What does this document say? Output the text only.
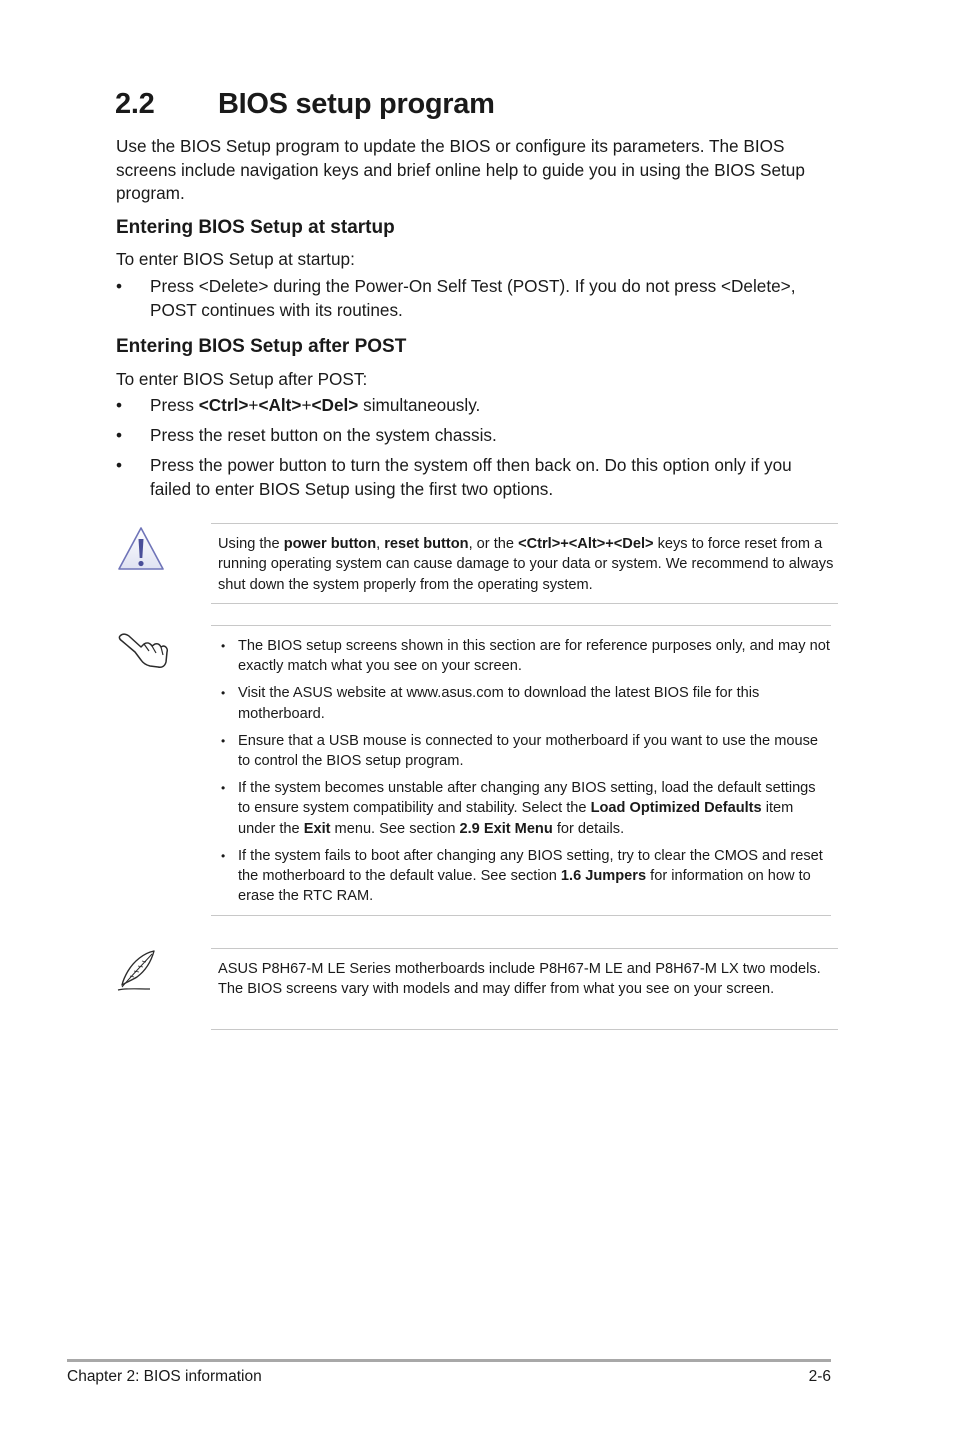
2.2 BIOS setup program
Use the BIOS Setup program to update the BIOS or configure its parameters. The BIOS screens include navigation keys and brief online help to guide you in using the BIOS Setup program.
Entering BIOS Setup at startup
To enter BIOS Setup at startup:
• Press <Delete> during the Power-On Self Test (POST). If you do not press <Delete>, POST continues with its routines.
Entering BIOS Setup after POST
To enter BIOS Setup after POST:
• Press <Ctrl>+<Alt>+<Del> simultaneously.
• Press the reset button on the system chassis.
• Press the power button to turn the system off then back on. Do this option only if you failed to enter BIOS Setup using the first two options.
Using the power button, reset button, or the <Ctrl>+<Alt>+<Del> keys to force reset from a running operating system can cause damage to your data or system. We recommend to always shut down the system properly from the operating system.
• The BIOS setup screens shown in this section are for reference purposes only, and may not exactly match what you see on your screen.
• Visit the ASUS website at www.asus.com to download the latest BIOS file for this motherboard.
• Ensure that a USB mouse is connected to your motherboard if you want to use the mouse to control the BIOS setup program.
• If the system becomes unstable after changing any BIOS setting, load the default settings to ensure system compatibility and stability. Select the Load Optimized Defaults item under the Exit menu. See section 2.9 Exit Menu for details.
• If the system fails to boot after changing any BIOS setting, try to clear the CMOS and reset the motherboard to the default value. See section 1.6 Jumpers for information on how to erase the RTC RAM.
ASUS P8H67-M LE Series motherboards include P8H67-M LE and P8H67-M LX two models. The BIOS screens vary with models and may differ from what you see on your screen.
Chapter 2: BIOS information	2-6
